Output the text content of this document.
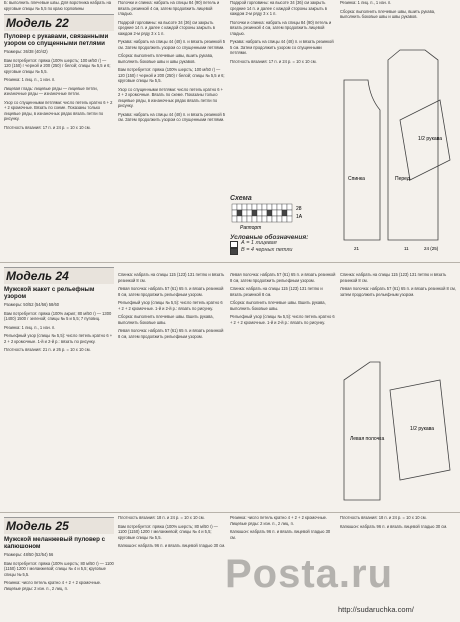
Б: выполнить плечевые швы. Для воротника набрать на круговые спицы № 5,5 по краю горловины

Модель 22
Пуловер с рукавами, связанными узором со спущенными петлями

Размеры: 36/38 (40/42)

Вам потребуется: пряжа (100% шерсть; 100 м/50 г) — 120 (150) г черной и 200 (250) г белой; спицы № 5,5 и 6; круговые спицы № 5,5.

Резинка: 1 лиц. п., 1 изн. п.

Лицевая гладь: лицевые ряды — лицевые петли, изнаночные ряды — изнаночные петли.

Узор со спущенными петлями: число петель кратно 6 + 2 + 2 кромочные. Вязать по схеме. Показаны только лицевые ряды, в изнаночных рядах вязать петли по рисунку.

Плотность вязания: 17 п. и 24 р. = 10 х 10 см.

Модель 24
Мужской жакет с рельефным узором

Размеры: 50/52 (54/56) 58/60

Вам потребуется: пряжа (100% акрил; 80 м/50 г) — 1300 (1400) 1500 г зеленой; спицы № 5 и 5,5; 7 пуговиц.

Резинка: 1 лиц. п., 1 изн. п.

Рельефный узор (спицы № 5,5): число петель кратно 6 + 2 + 2 кромочные. 1-й и 2-й р.: вязать по рисунку.

Плотность вязания: 21 п. и 26 р. = 10 х 10 см.

Модель 25
Мужской меланжевый пуловер с капюшоном

Размеры: 48/50 (52/54) 56

Вам потребуется: пряжа (100% шерсть; 80 м/50 г) — 1100 (1150) 1200 г меланжевой; спицы № 4 и 5,5; круговые спицы № 5,5.

Резинка: число петель кратно 4 + 2 + 2 кромочные. Лицевые ряды: 2 изн. п., 2 лиц. п.

Полочки и спинка: набрать на спицы 84 (90) петель и вязать резинкой 4 см, затем продолжить лицевой гладью.

Подкрой горловины: на высоте 34 (36) см закрыть средние 14 п. и далее с каждой стороны закрыть в каждом 2-м ряду 3 х 1 п.

Рукава: набрать на спицы 44 (48) п. и вязать резинкой 5 см. Затем продолжить узором со спущенными петлями.

Сборка: выполнить плечевые швы, вшить рукава, выполнить боковые швы и швы рукавов.

Вам потребуется: пряжа (100% шерсть; 100 м/50 г) — 120 (150) г черной и 200 (250) г белой; спицы № 5,5 и 6; круговые спицы № 5,5.

Узор со спущенными петлями: число петель кратно 6 + 2 + 2 кромочные. Вязать по схеме. Показаны только лицевые ряды, в изнаночных рядах вязать петли по рисунку.

Рукава: набрать на спицы 44 (48) п. и вязать резинкой 5 см. Затем продолжить узором со спущенными петлями.

Спинка: набрать на спицы 115 (123) 131 петлю и вязать резинкой 8 см.

Левая полочка: набрать 57 (61) 65 п. и вязать резинкой 8 см, затем продолжить рельефным узором.

Рельефный узор (спицы № 5,5): число петель кратно 6 + 2 + 2 кромочные. 1-й и 2-й р.: вязать по рисунку.

Сборка: выполнить плечевые швы. Вшить рукава, выполнить боковые швы.

Левая полочка: набрать 57 (61) 65 п. и вязать резинкой 8 см, затем продолжить рельефным узором.

Плотность вязания: 18 п. и 24 р. = 10 х 10 см.

Вам потребуется: пряжа (100% шерсть; 80 м/50 г) — 1100 (1150) 1200 г меланжевой; спицы № 4 и 5,5; круговые спицы № 5,5.

Капюшон: набрать 96 п. и вязать лицевой гладью 30 см.

Подкрой горловины: на высоте 34 (36) см закрыть средние 14 п. и далее с каждой стороны закрыть в каждом 2-м ряду 3 х 1 п.

Полочки и спинка: набрать на спицы 84 (90) петель и вязать резинкой 4 см, затем продолжить лицевой гладью.

Рукава: набрать на спицы 44 (48) п. и вязать резинкой 5 см. Затем продолжить узором со спущенными петлями.

Плотность вязания: 17 п. и 24 р. = 10 х 10 см.

Схема
28
1А
Раппорт
Условные обозначения:
А = 1 лицевая
В = 4 черных петли

Левая полочка: набрать 57 (61) 65 п. и вязать резинкой 8 см, затем продолжить рельефным узором.

Спинка: набрать на спицы 115 (123) 131 петлю и вязать резинкой 8 см.

Сборка: выполнить плечевые швы. Вшить рукава, выполнить боковые швы.

Рельефный узор (спицы № 5,5): число петель кратно 6 + 2 + 2 кромочные. 1-й и 2-й р.: вязать по рисунку.

Резинка: число петель кратно 4 + 2 + 2 кромочные. Лицевые ряды: 2 изн. п., 2 лиц. п.

Капюшон: набрать 96 п. и вязать лицевой гладью 30 см.

Резинка: 1 лиц. п., 1 изн. п.

Сборка: выполнить плечевые швы, вшить рукава, выполнить боковые швы и швы рукавов.

Спинка	Перед
1/2 рукава
21	11	24 (25)

Спинка: набрать на спицы 115 (123) 131 петлю и вязать резинкой 8 см.

Левая полочка: набрать 57 (61) 65 п. и вязать резинкой 8 см, затем продолжить рельефным узором.

Левая полочка
1/2 рукава

Плотность вязания: 18 п. и 24 р. = 10 х 10 см.

Капюшон: набрать 96 п. и вязать лицевой гладью 30 см.

Posta.ru
http://sudaruchka.com/
